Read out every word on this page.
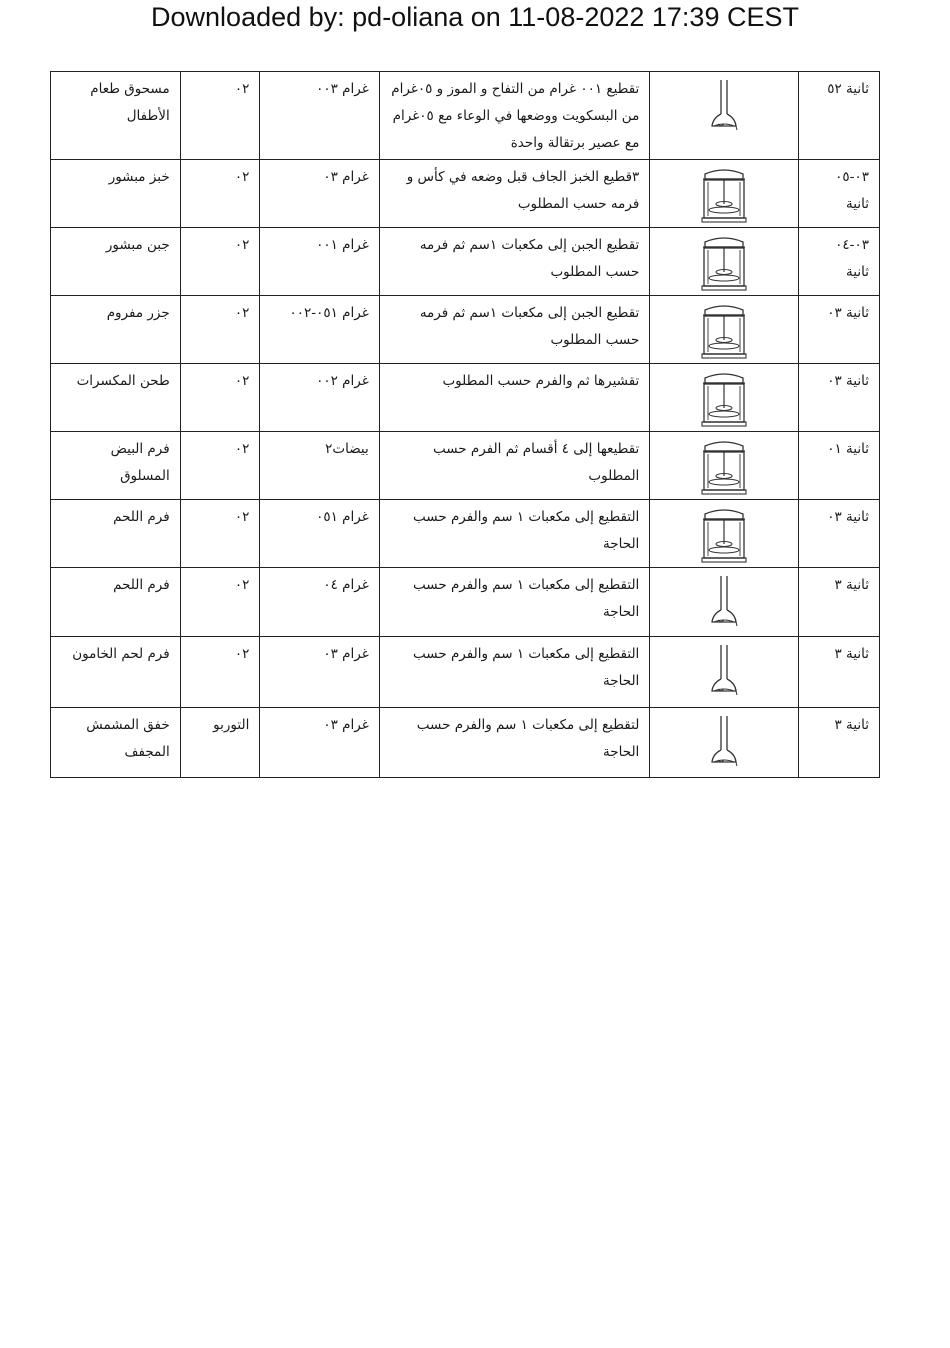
Downloaded by: pd-oliana on 11-08-2022 17:39 CEST
ثانية ٥٢		تقطيع ٠٠١ غرام من التفاح و الموز و ٠٥غرام من البسكويت ووضعها في الوعاء مع ٠٥غرام مع عصير برتقالة واحدة	غرام ٠٠٣	٠٢	مسحوق طعام الأطفال
٠٣-٠٥ ثانية		٣قطيع الخبز الجاف قبل وضعه في كأس و فرمه حسب المطلوب	غرام ٠٣	٠٢	خبز مبشور
٠٣-٠٤ ثانية		تقطيع الجبن إلى مكعبات ١سم ثم فرمه حسب المطلوب	غرام ٠٠١	٠٢	جبن مبشور
ثانية ٠٣		تقطيع الجبن إلى مكعبات ١سم ثم فرمه حسب المطلوب	غرام ٠٥١-٠٠٢	٠٢	جزر مفروم
ثانية ٠٣		تقشيرها ثم والفرم حسب المطلوب	غرام ٠٠٢	٠٢	طحن المكسرات
ثانية ٠١		تقطيعها إلى ٤ أقسام ثم الفرم حسب المطلوب	بيضات٢	٠٢	فرم البيض المسلوق
ثانية ٠٣		التقطيع إلى مكعبات ١ سم والفرم حسب الحاجة	غرام ٠٥١	٠٢	فرم اللحم
ثانية ٣		التقطيع إلى مكعبات ١ سم والفرم حسب الحاجة	غرام ٠٤	٠٢	فرم اللحم
ثانية ٣		التقطيع إلى مكعبات ١ سم والفرم حسب الحاجة	غرام ٠٣	٠٢	فرم لحم الخامون
ثانية ٣		لتقطيع إلى مكعبات ١ سم والفرم حسب الحاجة	غرام ٠٣	التوربو	خفق المشمش المجفف
